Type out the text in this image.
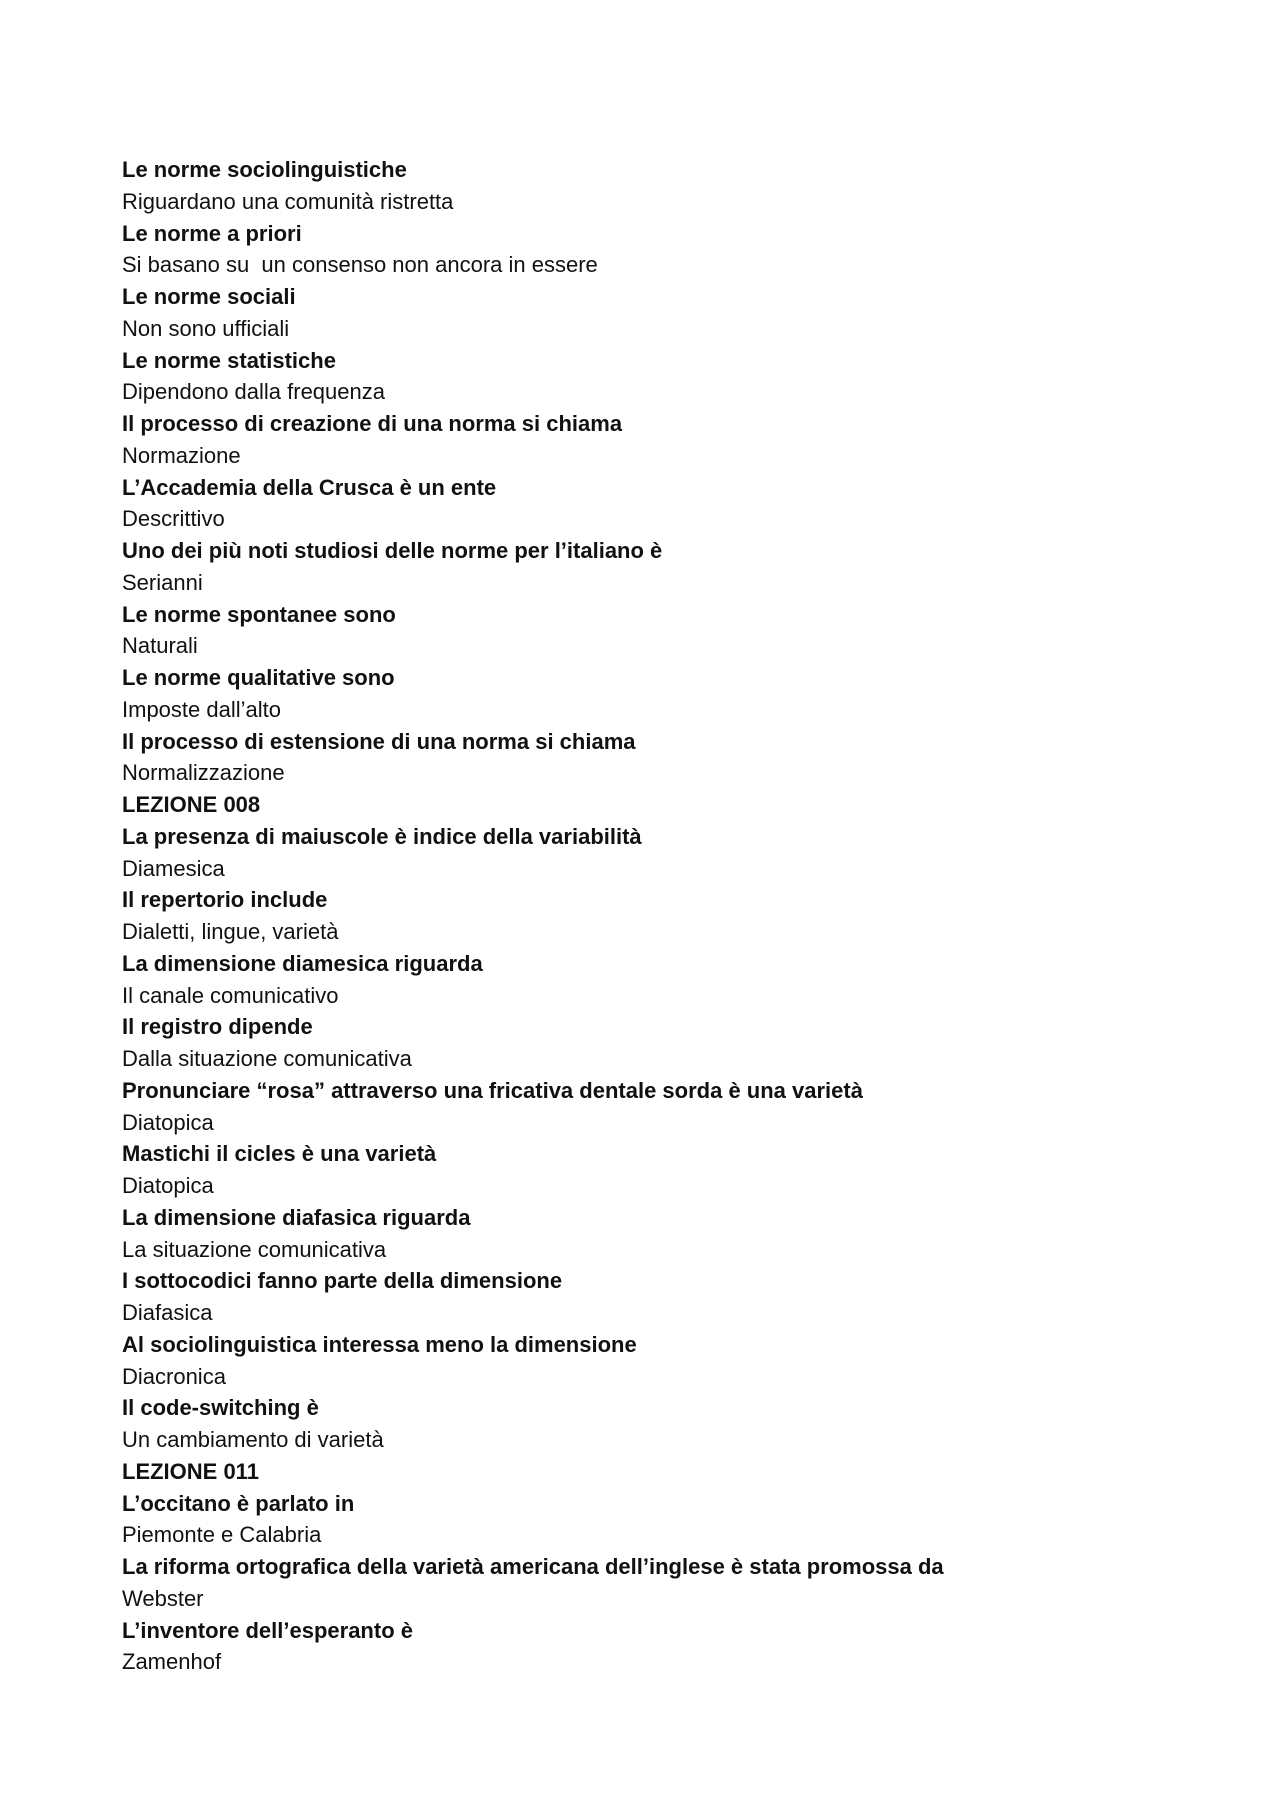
Le norme sociolinguistiche
Riguardano una comunità ristretta
Le norme a priori
Si basano su  un consenso non ancora in essere
Le norme sociali
Non sono ufficiali
Le norme statistiche
Dipendono dalla frequenza
Il processo di creazione di una norma si chiama
Normazione
L’Accademia della Crusca è un ente
Descrittivo
Uno dei più noti studiosi delle norme per l’italiano è
Serianni
Le norme spontanee sono
Naturali
Le norme qualitative sono
Imposte dall’alto
Il processo di estensione di una norma si chiama
Normalizzazione
LEZIONE 008
La presenza di maiuscole è indice della variabilità
Diamesica
Il repertorio include
Dialetti, lingue, varietà
La dimensione diamesica riguarda
Il canale comunicativo
Il registro dipende
Dalla situazione comunicativa
Pronunciare “rosa” attraverso una fricativa dentale sorda è una varietà
Diatopica
Mastichi il cicles è una varietà
Diatopica
La dimensione diafasica riguarda
La situazione comunicativa
I sottocodici fanno parte della dimensione
Diafasica
Al sociolinguistica interessa meno la dimensione
Diacronica
Il code-switching è
Un cambiamento di varietà
LEZIONE 011
L’occitano è parlato in
Piemonte e Calabria
La riforma ortografica della varietà americana dell’inglese è stata promossa da
Webster
L’inventore dell’esperanto è
Zamenhof
